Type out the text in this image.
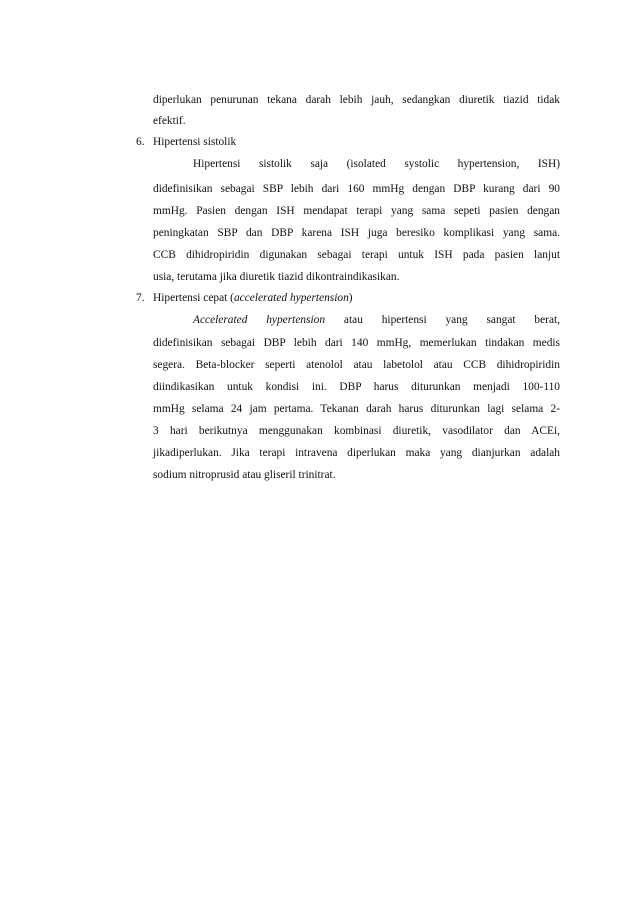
diperlukan penurunan tekana darah lebih jauh, sedangkan diuretik tiazid tidak
efektif.
6. Hipertensi sistolik
Hipertensi sistolik saja (isolated systolic hypertension, ISH)
didefinisikan sebagai SBP lebih dari 160 mmHg dengan DBP kurang dari 90
mmHg. Pasien dengan ISH mendapat terapi yang sama sepeti pasien dengan
peningkatan SBP dan DBP karena ISH juga beresiko komplikasi yang sama.
CCB dihidropiridin digunakan sebagai terapi untuk ISH pada pasien lanjut
usia, terutama jika diuretik tiazid dikontraindikasikan.
7. Hipertensi cepat (accelerated hypertension)
Accelerated hypertension atau hipertensi yang sangat berat,
didefinisikan sebagai DBP lebih dari 140 mmHg, memerlukan tindakan medis
segera. Beta-blocker seperti atenolol atau labetolol atau CCB dihidropiridin
diindikasikan untuk kondisi ini. DBP harus diturunkan menjadi 100-110
mmHg selama 24 jam pertama. Tekanan darah harus diturunkan lagi selama 2-
3 hari berikutnya menggunakan kombinasi diuretik, vasodilator dan ACEi,
jikadiperlukan. Jika terapi intravena diperlukan maka yang dianjurkan adalah
sodium nitroprusid atau gliseril trinitrat.
